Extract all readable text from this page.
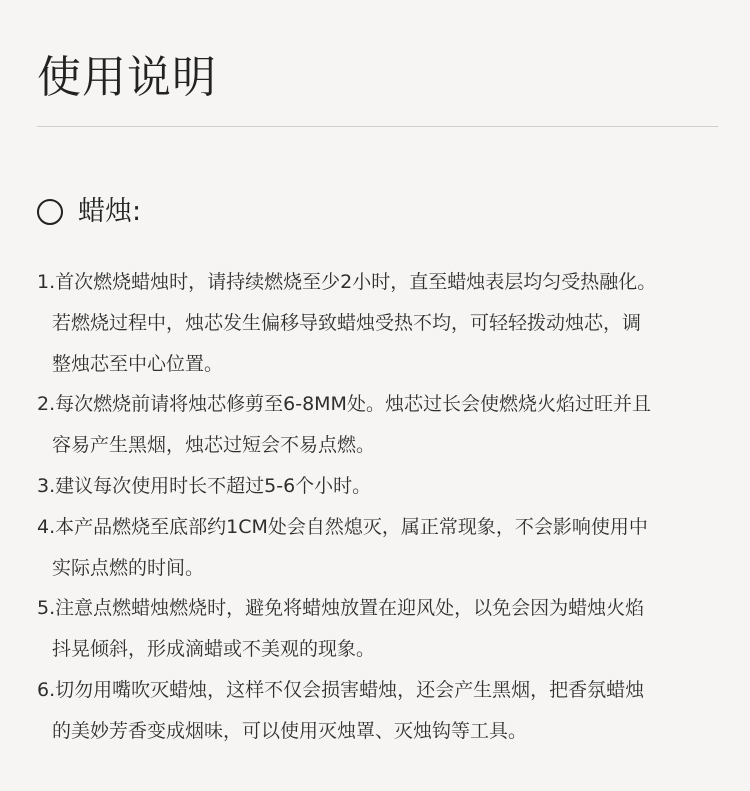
使用说明
蜡烛:
1.首次燃烧蜡烛时，请持续燃烧至少2小时，直至蜡烛表层均匀受热融化。
若燃烧过程中，烛芯发生偏移导致蜡烛受热不均，可轻轻拨动烛芯，调
整烛芯至中心位置。
2.每次燃烧前请将烛芯修剪至6-8MM处。烛芯过长会使燃烧火焰过旺并且
容易产生黑烟，烛芯过短会不易点燃。
3.建议每次使用时长不超过5-6个小时。
4.本产品燃烧至底部约1CM处会自然熄灭，属正常现象，不会影响使用中
实际点燃的时间。
5.注意点燃蜡烛燃烧时，避免将蜡烛放置在迎风处，以免会因为蜡烛火焰
抖晃倾斜，形成滴蜡或不美观的现象。
6.切勿用嘴吹灭蜡烛，这样不仅会损害蜡烛，还会产生黑烟，把香氛蜡烛
的美妙芳香变成烟味，可以使用灭烛罩、灭烛钩等工具。
